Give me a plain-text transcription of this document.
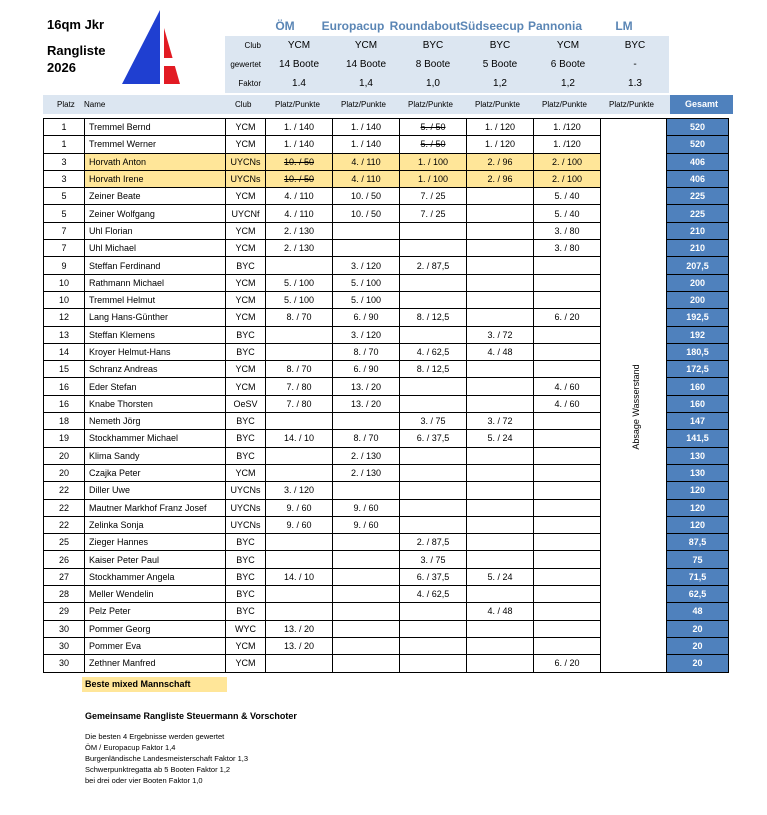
16qm Jkr
Rangliste
2026
S
ÖM	Europacup Roundabout Südseecup Pannonia	LM
Club	YCM	YCM	BYC	BYC	YCM	BYC
gewertet	14 Boote	14 Boote	8 Boote	5 Boote	6 Boote	-
Faktor	1.4	1,4	1,0	1,2	1,2	1.3
Platz Name	Club	Platz/Punkte	Platz/Punkte	Platz/Punkte	Platz/Punkte	Platz/Punkte	Platz/Punkte	Gesamt
1	Tremmel Bernd	YCM	1. / 140	1. / 140	5. / 50	1. / 120	1. /120		520
1	Tremmel Werner	YCM	1. / 140	1. / 140	5. / 50	1. / 120	1. /120		520
3	Horvath Anton	UYCNs	10. / 50	4. / 110	1. / 100	2. / 96	2. / 100		406
3	Horvath Irene	UYCNs	10. / 50	4. / 110	1. / 100	2. / 96	2. / 100		406
5	Zeiner Beate	YCM	4. / 110	10. / 50	7. / 25		5. / 40		225
5	Zeiner Wolfgang	UYCNf	4. / 110	10. / 50	7. / 25		5. / 40		225
7	Uhl Florian	YCM	2. / 130				3. / 80		210
7	Uhl Michael	YCM	2. / 130				3. / 80		210
9	Steffan Ferdinand	BYC		3. / 120	2. / 87,5				207,5
10	Rathmann Michael	YCM	5. / 100	5. / 100					200
10	Tremmel Helmut	YCM	5. / 100	5. / 100					200
12	Lang Hans-Günther	YCM	8. / 70	6. / 90	8. / 12,5		6. / 20		192,5
13	Steffan Klemens	BYC		3. / 120		3. / 72			192
14	Kroyer Helmut-Hans	BYC		8. / 70	4. / 62,5	4. / 48			180,5
15	Schranz Andreas	YCM	8. / 70	6. / 90	8. / 12,5				172,5
16	Eder Stefan	YCM	7. / 80	13. / 20			4. / 60		160
16	Knabe Thorsten	OeSV	7. / 80	13. / 20			4. / 60		160
18	Nemeth Jörg	BYC			3. / 75	3. / 72			147
19	Stockhammer Michael	BYC	14. / 10	8. / 70	6. / 37,5	5. / 24			141,5
20	Klima Sandy	BYC		2. / 130					130
20	Czajka Peter	YCM		2. / 130					130
22	Diller Uwe	UYCNs	3. / 120						120
22	Mautner Markhof Franz Josef	UYCNs	9. / 60	9. / 60					120
22	Zelinka Sonja	UYCNs	9. / 60	9. / 60					120
25	Zieger Hannes	BYC			2. / 87,5				87,5
26	Kaiser Peter Paul	BYC			3. / 75				75
27	Stockhammer Angela	BYC	14. / 10		6. / 37,5	5. / 24			71,5
28	Meller Wendelin	BYC			4. / 62,5				62,5
29	Pelz Peter	BYC				4. / 48			48
30	Pommer Georg	WYC	13. / 20						20
30	Pommer Eva	YCM	13. / 20						20
30	Zethner Manfred	YCM					6. / 20		20
Absage Wasserstand
Beste mixed Mannschaft
Gemeinsame Rangliste Steuermann & Vorschoter
Die besten 4 Ergebnisse werden gewertet
ÖM / Europacup Faktor 1,4
Burgenländische Landesmeisterschaft Faktor 1,3
Schwerpunktregatta ab 5 Booten Faktor 1,2
bei drei oder vier Booten Faktor 1,0
